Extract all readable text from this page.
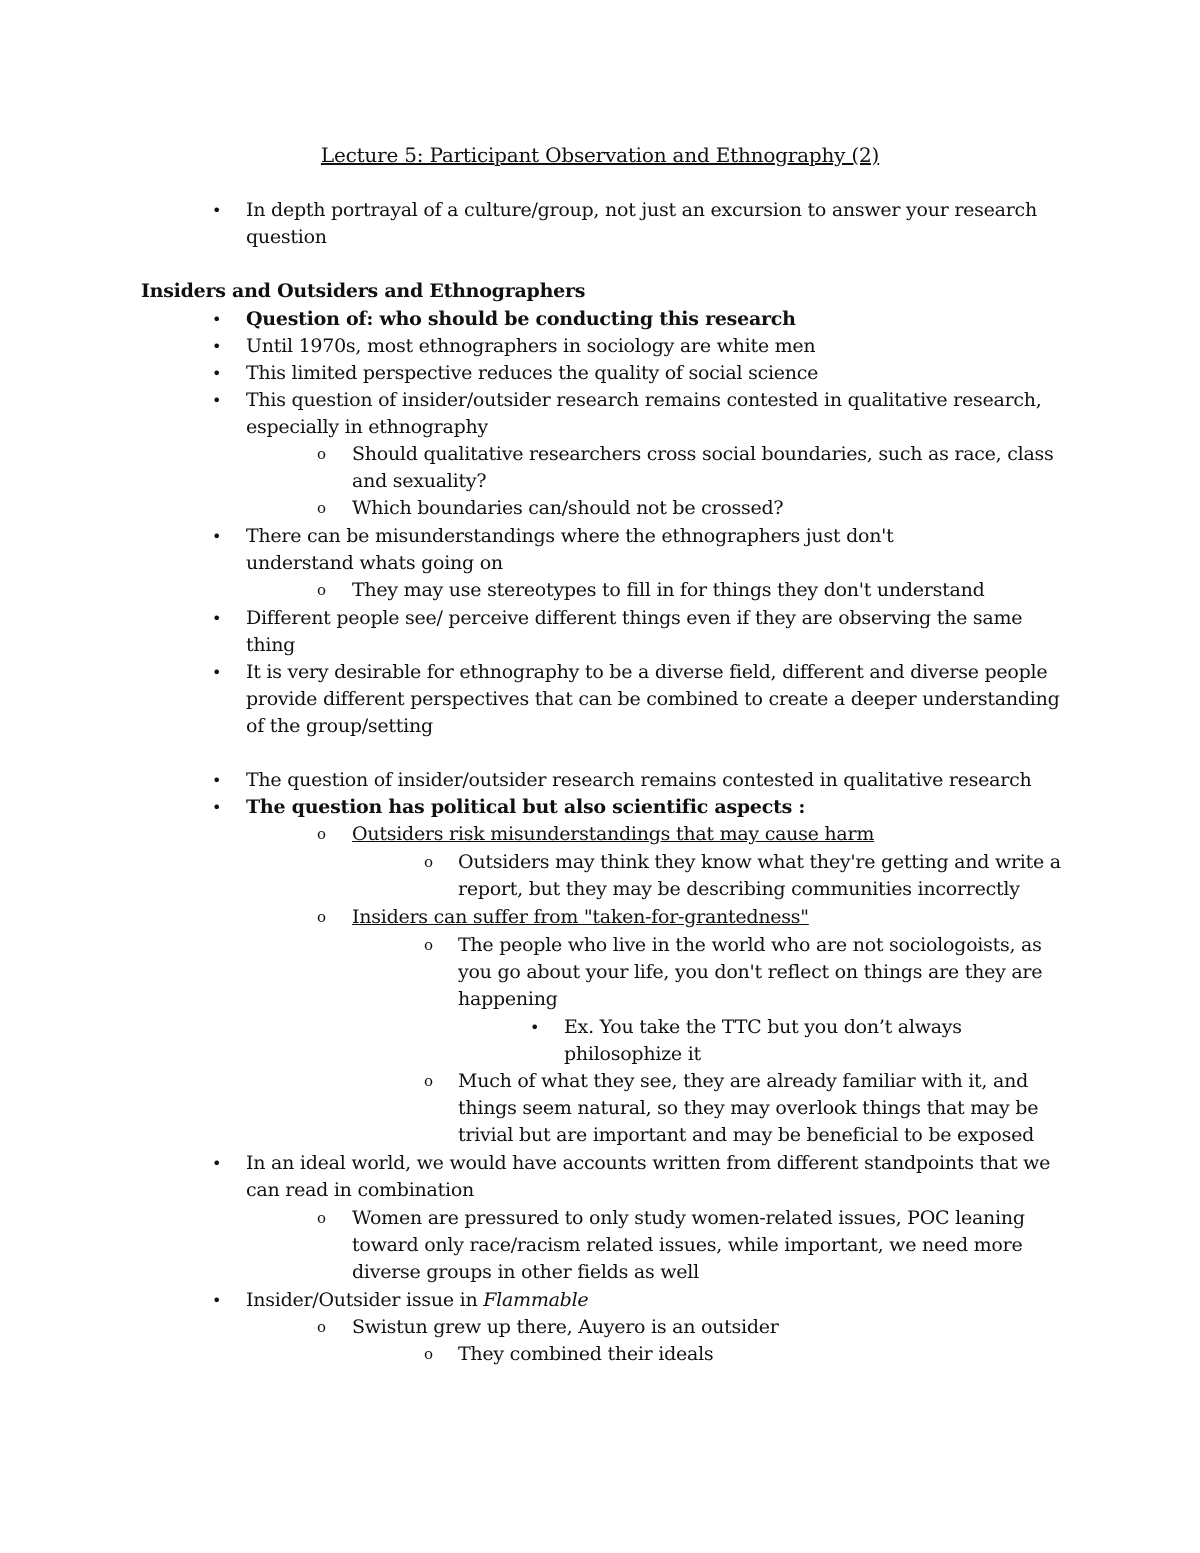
Lecture 5: Participant Observation and Ethnography (2)
• In depth portrayal of a culture/group, not just an excursion to answer your research
question
Insiders and Outsiders and Ethnographers
• Question of: who should be conducting this research
• Until 1970s, most ethnographers in sociology are white men
• This limited perspective reduces the quality of social science
• This question of insider/outsider research remains contested in qualitative research,
especially in ethnography
o Should qualitative researchers cross social boundaries, such as race, class
and sexuality?
o Which boundaries can/should not be crossed?
• There can be misunderstandings where the ethnographers just don't
understand whats going on
o They may use stereotypes to fill in for things they don't understand
• Different people see/ perceive different things even if they are observing the same
thing
• It is very desirable for ethnography to be a diverse field, different and diverse people
provide different perspectives that can be combined to create a deeper understanding
of the group/setting
• The question of insider/outsider research remains contested in qualitative research
• The question has political but also scientific aspects :
o Outsiders risk misunderstandings that may cause harm
o Outsiders may think they know what they're getting and write a
report, but they may be describing communities incorrectly
o Insiders can suffer from "taken-for-grantedness"
o The people who live in the world who are not sociologoists, as
you go about your life, you don't reflect on things are they are
happening
• Ex. You take the TTC but you don’t always
philosophize it
o Much of what they see, they are already familiar with it, and
things seem natural, so they may overlook things that may be
trivial but are important and may be beneficial to be exposed
• In an ideal world, we would have accounts written from different standpoints that we
can read in combination
o Women are pressured to only study women-related issues, POC leaning
toward only race/racism related issues, while important, we need more
diverse groups in other fields as well
• Insider/Outsider issue in Flammable
o Swistun grew up there, Auyero is an outsider
o They combined their ideals
